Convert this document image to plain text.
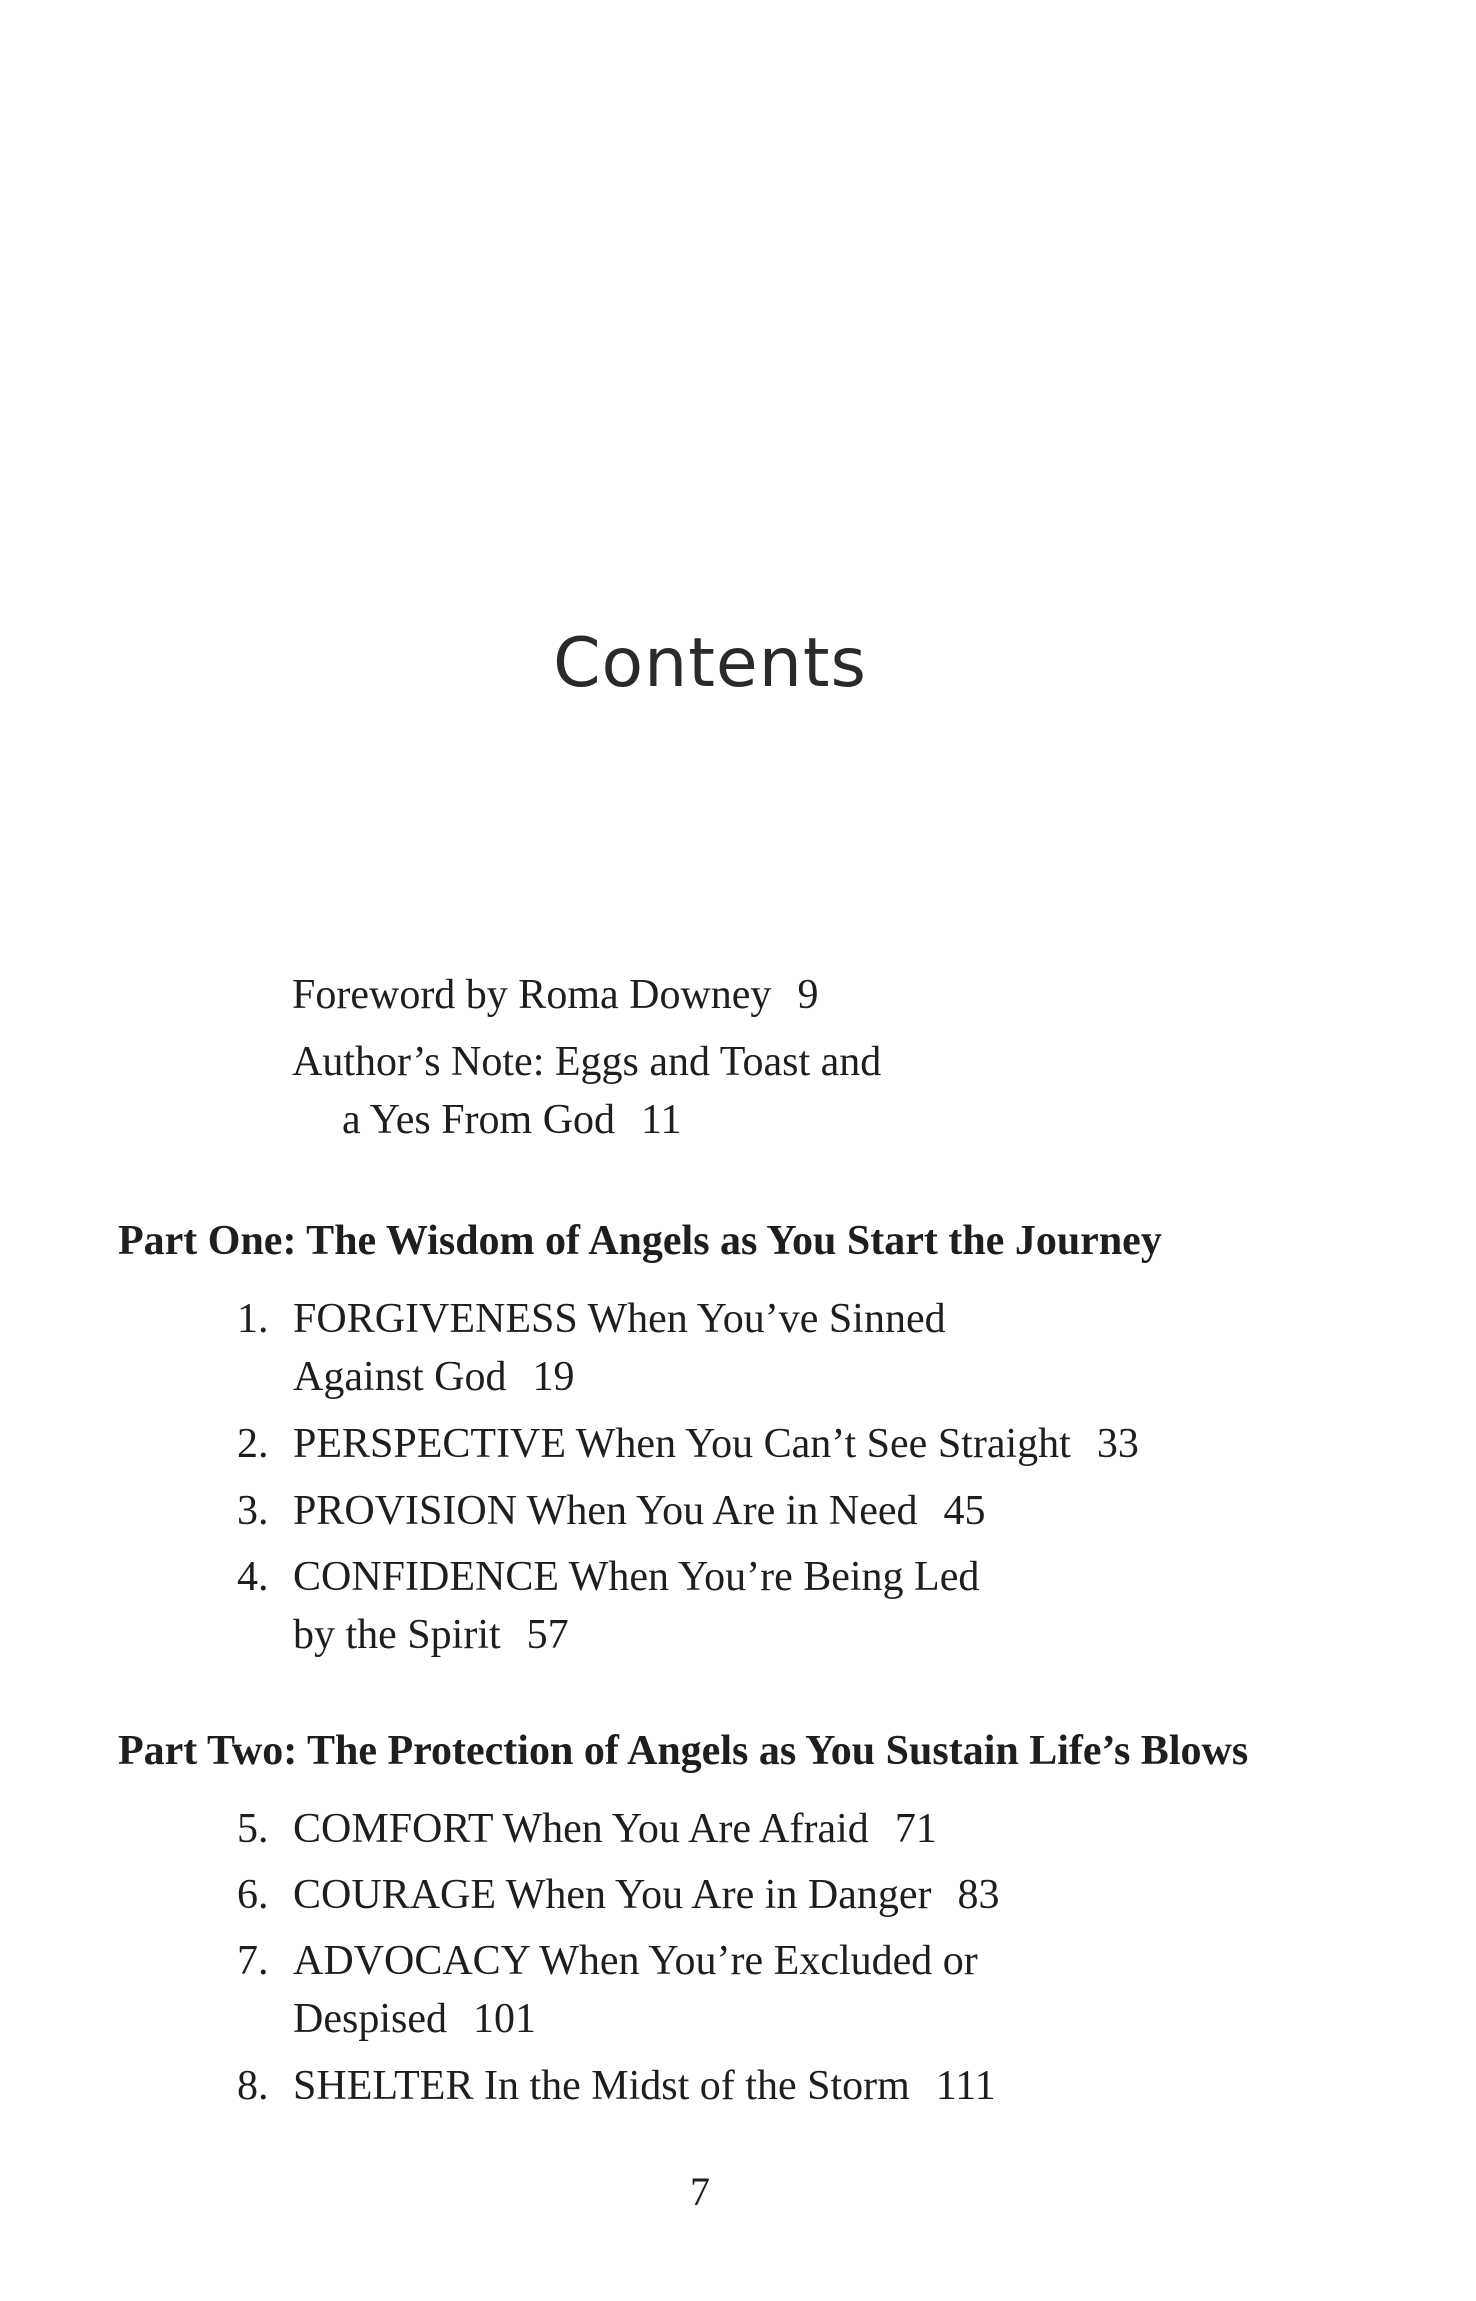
Contents
Foreword by Roma Downey 9
Author’s Note: Eggs and Toast and
a Yes From God 11
Part One: The Wisdom of Angels as You Start the Journey
1. FORGIVENESS When You’ve Sinned
Against God 19
2. PERSPECTIVE When You Can’t See Straight 33
3. PROVISION When You Are in Need 45
4. CONFIDENCE When You’re Being Led
by the Spirit 57
Part Two: The Protection of Angels as You Sustain Life’s Blows
5. COMFORT When You Are Afraid 71
6. COURAGE When You Are in Danger 83
7. ADVOCACY When You’re Excluded or
Despised 101
8. SHELTER In the Midst of the Storm 111
7
